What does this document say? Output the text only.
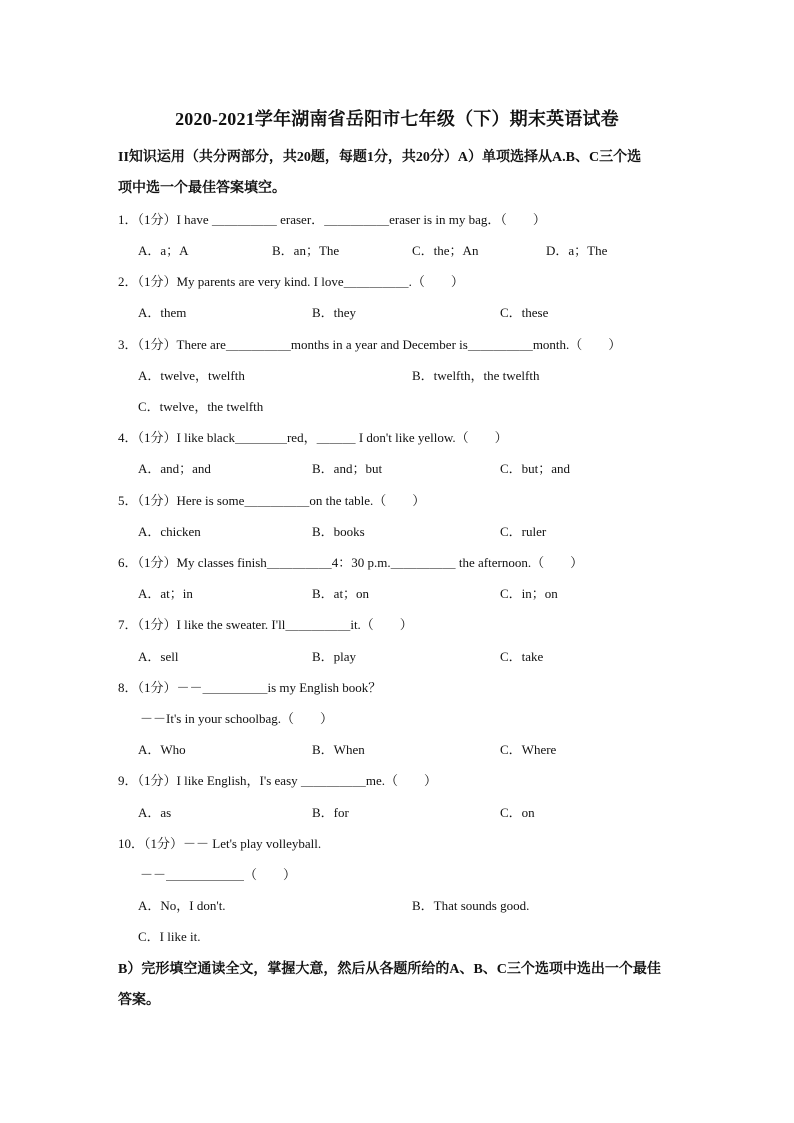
2020-2021学年湖南省岳阳市七年级（下）期末英语试卷
II知识运用（共分两部分，共20题，每题1分，共20分）A）单项选择从A.B、C三个选
项中选一个最佳答案填空。
1．（1分）I have ＿＿＿＿＿ eraser．＿＿＿＿＿eraser is in my bag．（　　）
A．a；A	B．an；The	C．the；An	D．a；The
2．（1分）My parents are very kind. I love＿＿＿＿＿.（　　）
A．them	B．they	C．these
3．（1分）There are＿＿＿＿＿months in a year and December is＿＿＿＿＿month.（　　）
A．twelve，twelfth	B．twelfth，the twelfth
C．twelve，the twelfth
4．（1分）I like black＿＿＿＿red，＿＿＿ I don't like yellow.（　　）
A．and；and	B．and；but	C．but；and
5．（1分）Here is some＿＿＿＿＿on the table.（　　）
A．chicken	B．books	C．ruler
6．（1分）My classes finish＿＿＿＿＿4：30 p.m.＿＿＿＿＿ the afternoon.（　　）
A．at；in	B．at；on	C．in；on
7．（1分）I like the sweater. I'll＿＿＿＿＿it.（　　）
A．sell	B．play	C．take
8．（1分）－－＿＿＿＿＿is my English book？
－－It's in your schoolbag.（　　）
A．Who	B．When	C．Where
9．（1分）I like English，I's easy ＿＿＿＿＿me.（　　）
A．as	B．for	C．on
10．（1分）－－ Let's play volleyball.
－－＿＿＿＿＿＿（　　）
A．No，I don't.	B．That sounds good.
C．I like it.
B）完形填空通读全文，掌握大意，然后从各题所给的A、B、C三个选项中选出一个最佳
答案。
